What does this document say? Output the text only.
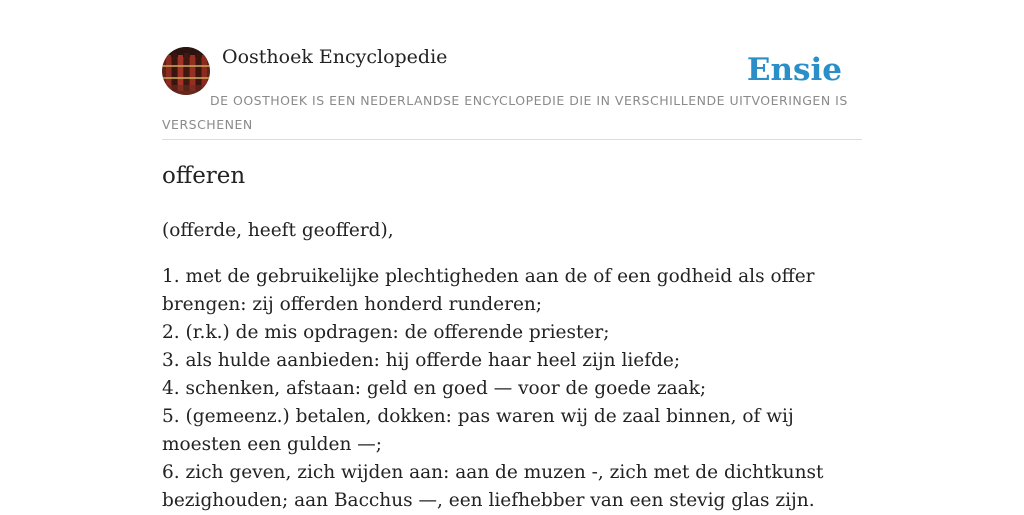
Oosthoek Encyclopedie	Ensie
DE OOSTHOEK IS EEN NEDERLANDSE ENCYCLOPEDIE DIE IN VERSCHILLENDE UITVOERINGEN IS VERSCHENEN
offeren
(offerde, heeft geofferd),
1. met de gebruikelijke plechtigheden aan de of een godheid als offer brengen: zij offerden honderd runderen;
2. (r.k.) de mis opdragen: de offerende priester;
3. als hulde aanbieden: hij offerde haar heel zijn liefde;
4. schenken, afstaan: geld en goed — voor de goede zaak;
5. (gemeenz.) betalen, dokken: pas waren wij de zaal binnen, of wij moesten een gulden —;
6. zich geven, zich wijden aan: aan de muzen -, zich met de dichtkunst bezighouden; aan Bacchus —, een liefhebber van een stevig glas zijn.
